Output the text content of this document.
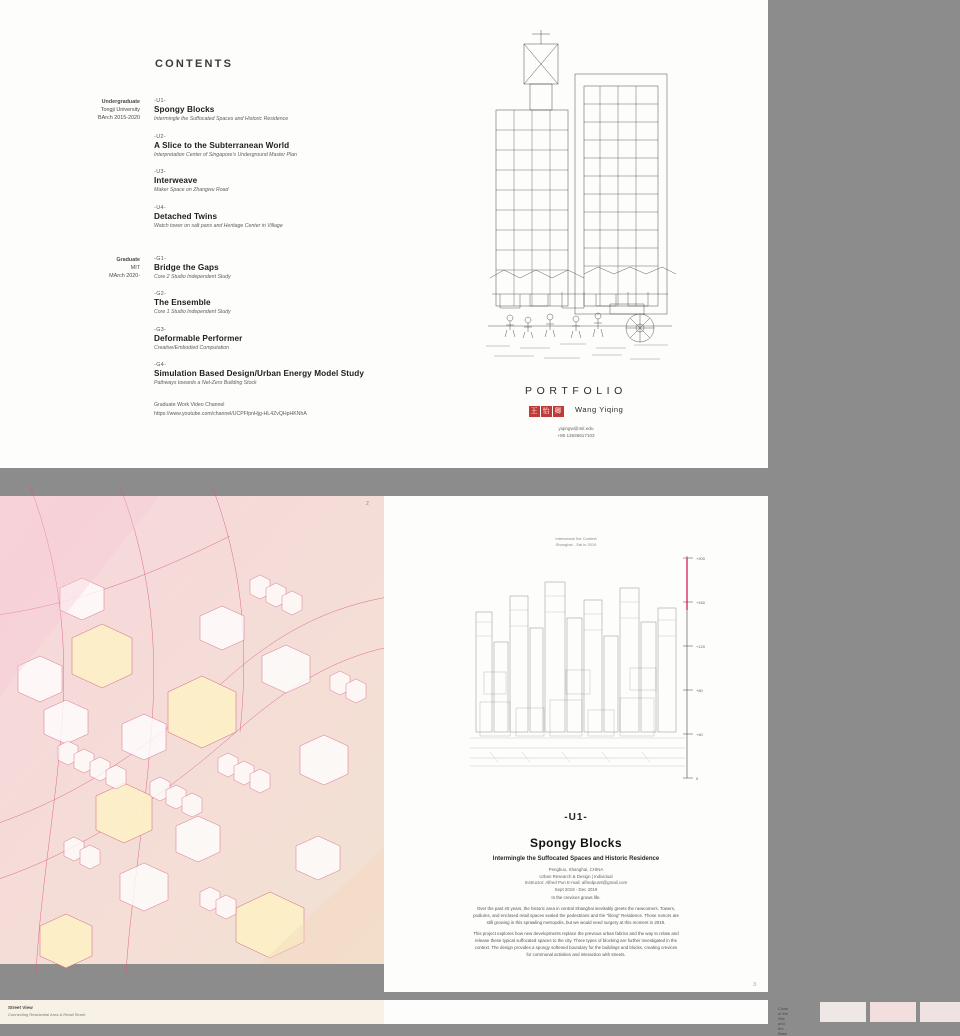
CONTENTS
Undergraduate
Tongji University
BArch 2015-2020
-U1-
Spongy Blocks
Intermingle the Suffocated Spaces and Historic Residence
-U2-
A Slice to the Subterranean World
Interpretation Center of Singapore's Underground Master Plan
-U3-
Interweave
Maker Space on Zhangwu Road
-U4-
Detached Twins
Watch tower on salt pans and Heritage Center in Village
Graduate
MIT
MArch 2020-
-G1-
Bridge the Gaps
Core 2 Studio Independent Study
-G2-
The Ensemble
Core 1 Studio Independent Study
-G3-
Deformable Performer
Creative/Embodied Computation
-G4-
Simulation Based Design/Urban Energy Model Study
Pathways towards a Net-Zero Building Stock
Graduate Work Video Channel
https://www.youtube.com/channel/UCPFfpnHjg-HL4ZvQHpHKNhA
PORTFOLIO
王 怡 卿 Wang Yiqing
yiqingw@mit.edu
+86 13636617103
2
Interweave the Context
Shanghai - Sat in 2019
+200
+160
+120
+80
+40
0
-U1-
Spongy Blocks
Intermingle the Suffocated Spaces and Historic Residence
Pengbuo, Shanghai, CHINA
Urban Research & Design | Individual
Instructor: Alfred Pun E-mail: alfredpun9@gmail.com
Sept 2019 - Dec 2019

In the crevices grows life.

Over the past 40 years, the historic area in central Shanghai inevitably greets the newcomers. Towers, podiums, and enclosed retail spaces sealed the pedestrians and the "lilong" Residence. Those rumors are still growing in this sprawling metropolis, but we would need surgery at this moment in 2019.

This project explores how new developments replace the previous urban fabrics and the way to relate and release these typical suffocated spaces to the city. Three types of blocking are further investigated in the context. The design provides a spongy softened boundary for the buildings and blocks, creating crevices for communal activities and interaction with streets.

3
Street View
Connecting Residential Area & Retail Street
Close of the Site and the Base
